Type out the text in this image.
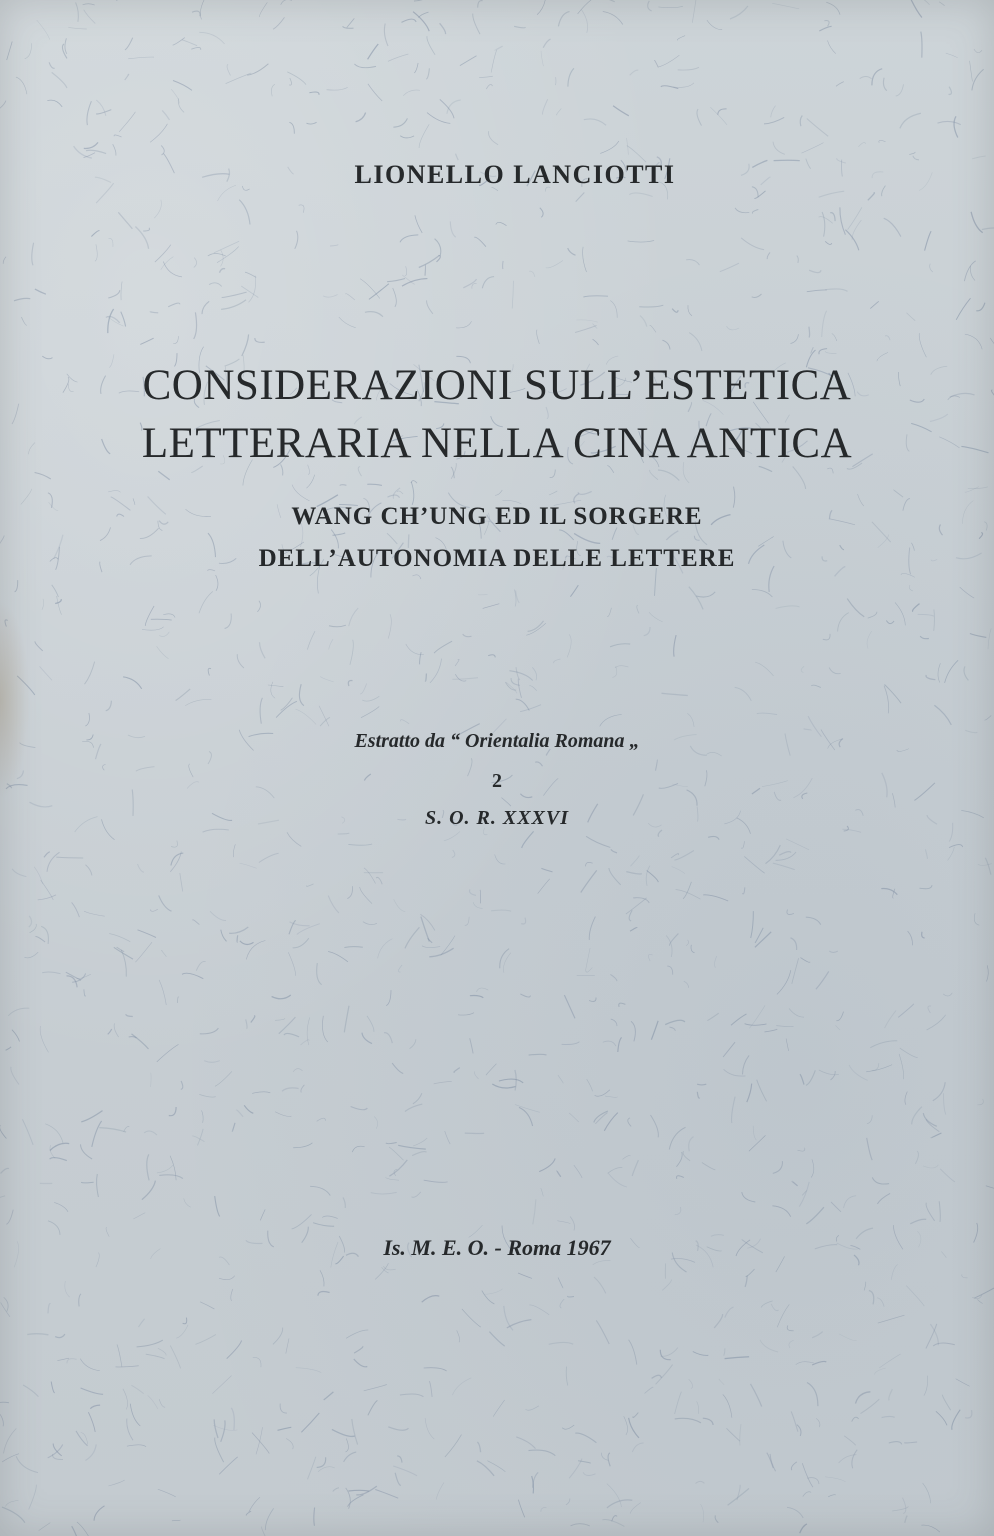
LIONELLO LANCIOTTI
CONSIDERAZIONI SULL’ESTETICA
LETTERARIA NELLA CINA ANTICA
WANG CH’UNG ED IL SORGERE
DELL’AUTONOMIA DELLE LETTERE
Estratto da “ Orientalia Romana „
2
S. O. R. XXXVI
Is. M. E. O. - Roma 1967
